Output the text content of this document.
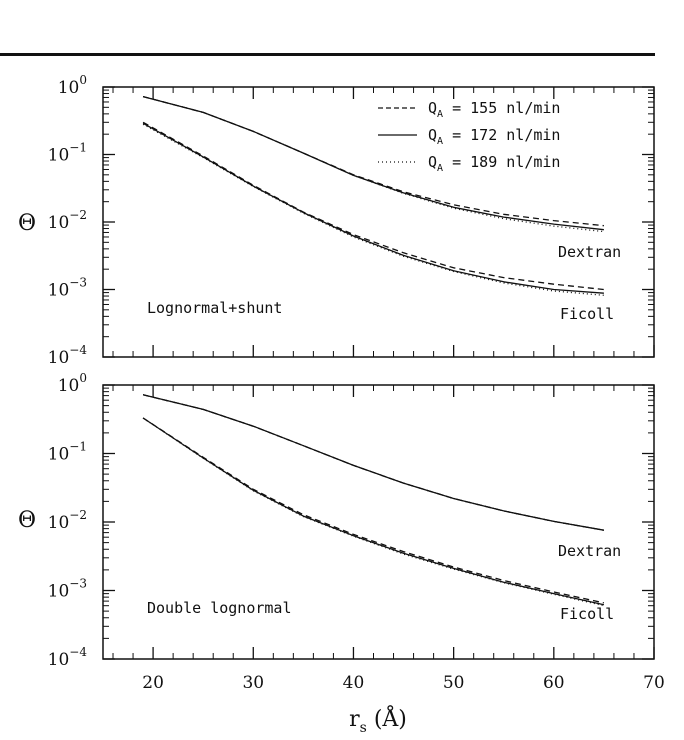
$10^{-4}$
$10^{-3}$
$10^{-2}$
$10^{-1}$
$10^0$
Θ
Lognormal+shunt
Dextran
Ficoll
$Q_A = 155$ nl/min
$Q_A = 172$ nl/min
$Q_A = 189$ nl/min
$10^{-4}$
$10^{-3}$
$10^{-2}$
$10^{-1}$
$10^0$
Θ
Double lognormal
Dextran
Ficoll
20	30	40	50	60	70
$r_s$ (Å)
